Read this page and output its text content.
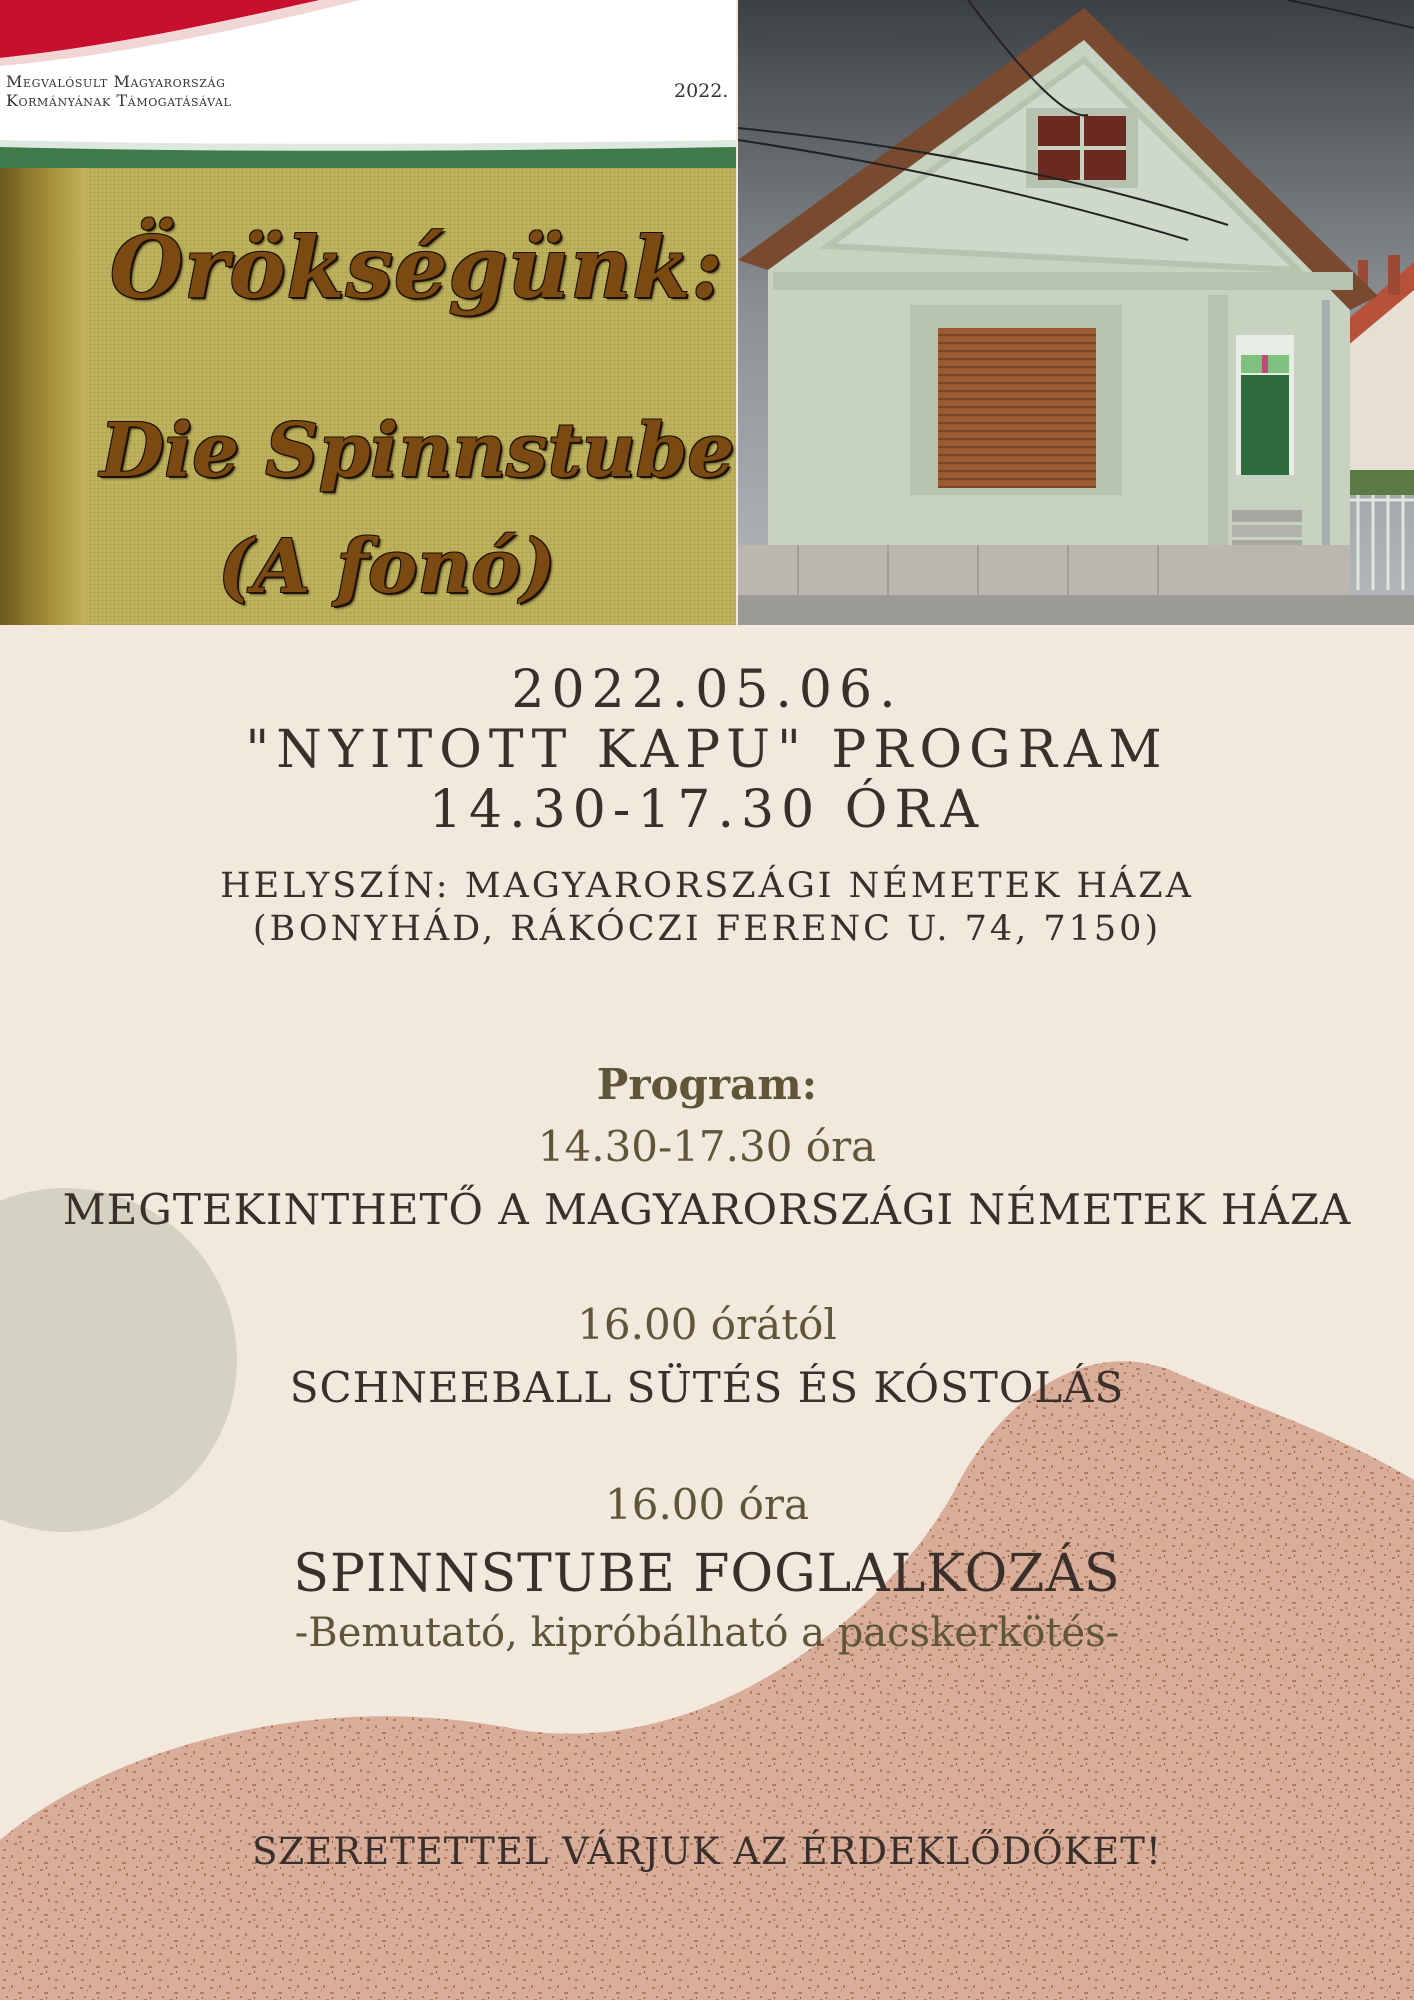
Megvalósult Magyarország
Kormányának Támogatásával	2022.
Örökségünk:
Die Spinnstube
(A fonó)
2022.05.06.
"NYITOTT KAPU" PROGRAM
14.30-17.30 ÓRA
HELYSZÍN: MAGYARORSZÁGI NÉMETEK HÁZA
(BONYHÁD, RÁKÓCZI FERENC U. 74, 7150)
Program:
14.30-17.30 óra
MEGTEKINTHETŐ A MAGYARORSZÁGI NÉMETEK HÁZA
16.00 órától
SCHNEEBALL SÜTÉS ÉS KÓSTOLÁS
16.00 óra
SPINNSTUBE FOGLALKOZÁS
-Bemutató, kipróbálható a pacskerkötés-
SZERETETTEL VÁRJUK AZ ÉRDEKLŐDŐKET!
